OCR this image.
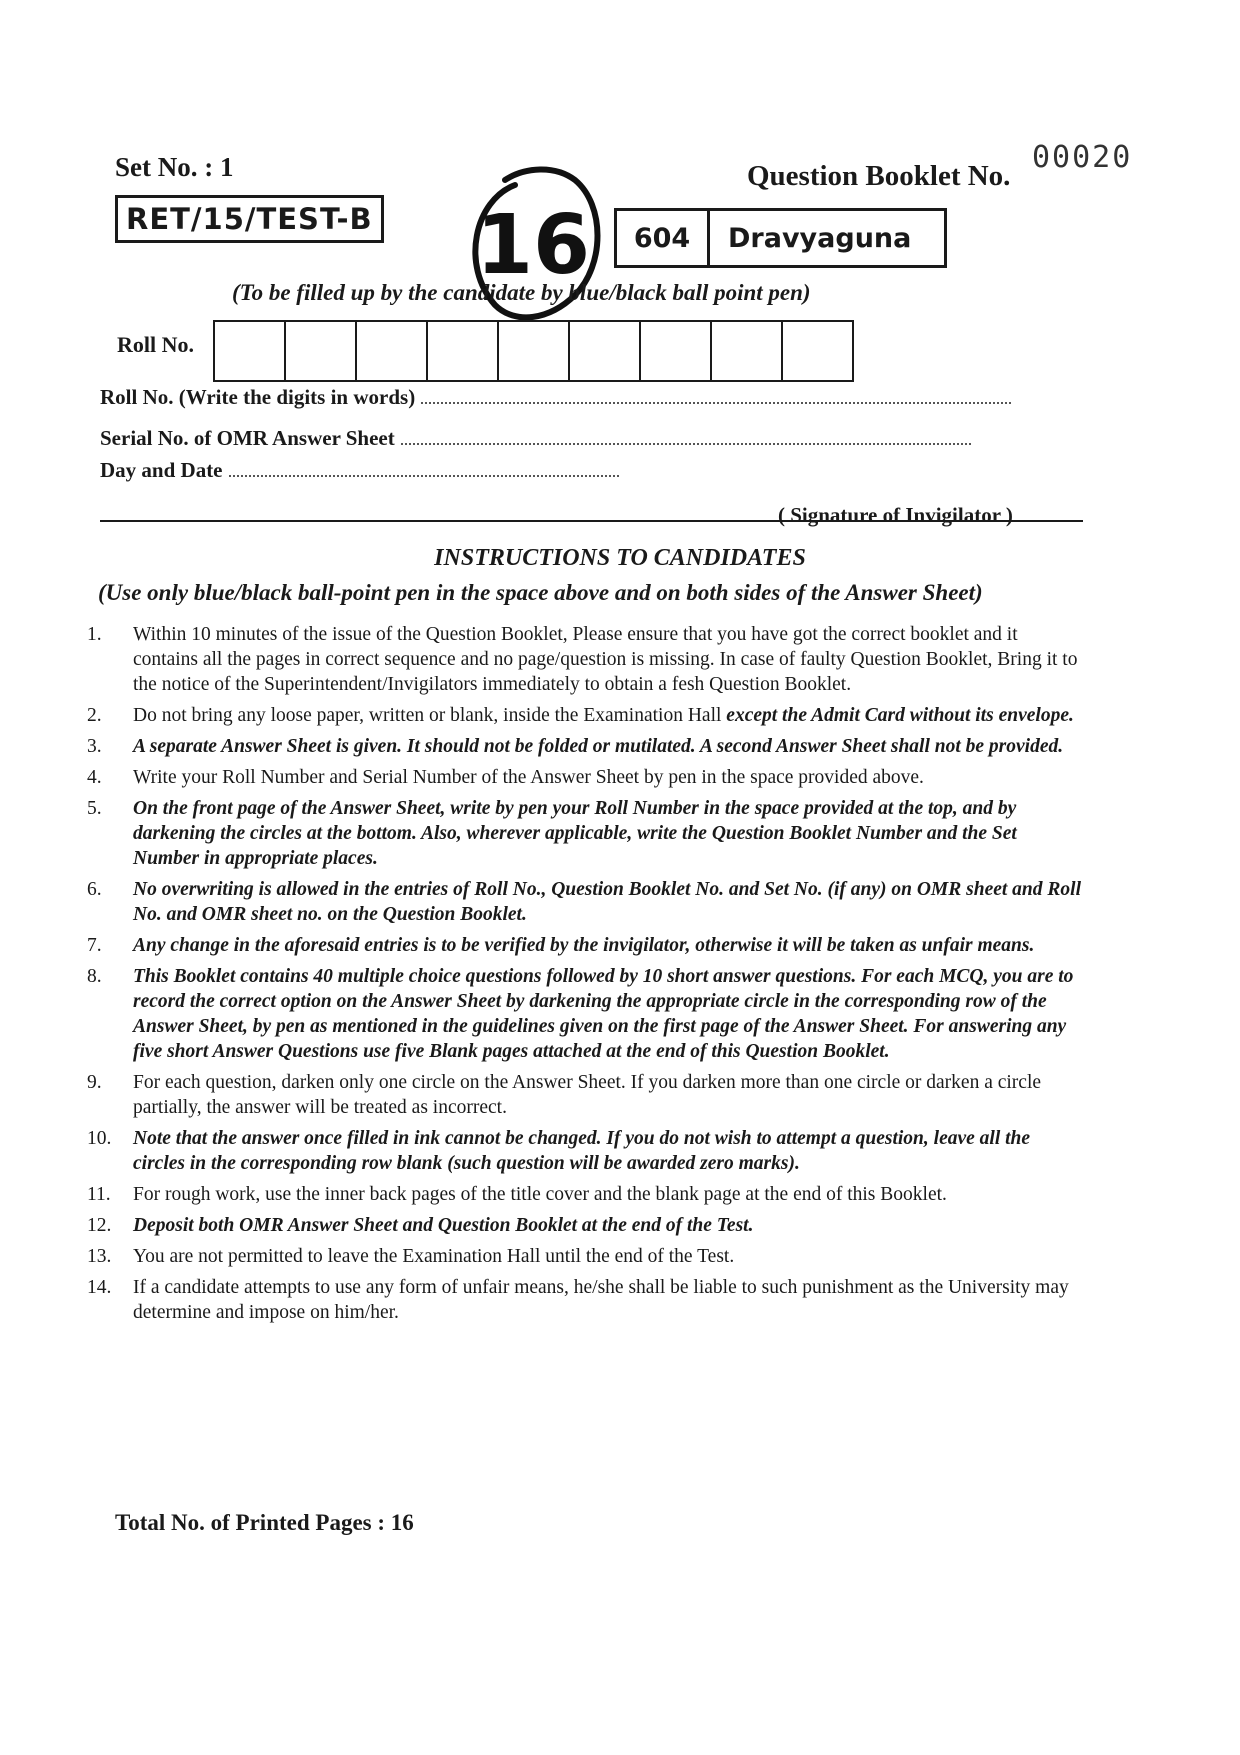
Set No. : 1	Question Booklet No.
00020
RET/15/TEST-B 16	604	Dravyaguna
(To be filled up by the candidate by blue/black ball point pen)
Roll No.
Roll No. (Write the digits in words)
Serial No. of OMR Answer Sheet
Day and Date
( Signature of Invigilator )
INSTRUCTIONS TO CANDIDATES
(Use only blue/black ball-point pen in the space above and on both sides of the Answer Sheet)
1.	Within 10 minutes of the issue of the Question Booklet, Please ensure that you have got the correct booklet and it contains all the pages in correct sequence and no page/question is missing. In case of faulty Question Booklet, Bring it to the notice of the Superintendent/Invigilators immediately to obtain a fesh Question Booklet.
2.	Do not bring any loose paper, written or blank, inside the Examination Hall except the Admit Card without its envelope.
3.	A separate Answer Sheet is given. It should not be folded or mutilated. A second Answer Sheet shall not be provided.
4.	Write your Roll Number and Serial Number of the Answer Sheet by pen in the space provided above.
5.	On the front page of the Answer Sheet, write by pen your Roll Number in the space provided at the top, and by darkening the circles at the bottom. Also, wherever applicable, write the Question Booklet Number and the Set Number in appropriate places.
6.	No overwriting is allowed in the entries of Roll No., Question Booklet No. and Set No. (if any) on OMR sheet and Roll No. and OMR sheet no. on the Question Booklet.
7.	Any change in the aforesaid entries is to be verified by the invigilator, otherwise it will be taken as unfair means.
8.	This Booklet contains 40 multiple choice questions followed by 10 short answer questions. For each MCQ, you are to record the correct option on the Answer Sheet by darkening the appropriate circle in the corresponding row of the Answer Sheet, by pen as mentioned in the guidelines given on the first page of the Answer Sheet. For answering any five short Answer Questions use five Blank pages attached at the end of this Question Booklet.
9.	For each question, darken only one circle on the Answer Sheet. If you darken more than one circle or darken a circle partially, the answer will be treated as incorrect.
10.	Note that the answer once filled in ink cannot be changed. If you do not wish to attempt a question, leave all the circles in the corresponding row blank (such question will be awarded zero marks).
11.	For rough work, use the inner back pages of the title cover and the blank page at the end of this Booklet.
12.	Deposit both OMR Answer Sheet and Question Booklet at the end of the Test.
13.	You are not permitted to leave the Examination Hall until the end of the Test.
14.	If a candidate attempts to use any form of unfair means, he/she shall be liable to such punishment as the University may determine and impose on him/her.
Total No. of Printed Pages : 16
